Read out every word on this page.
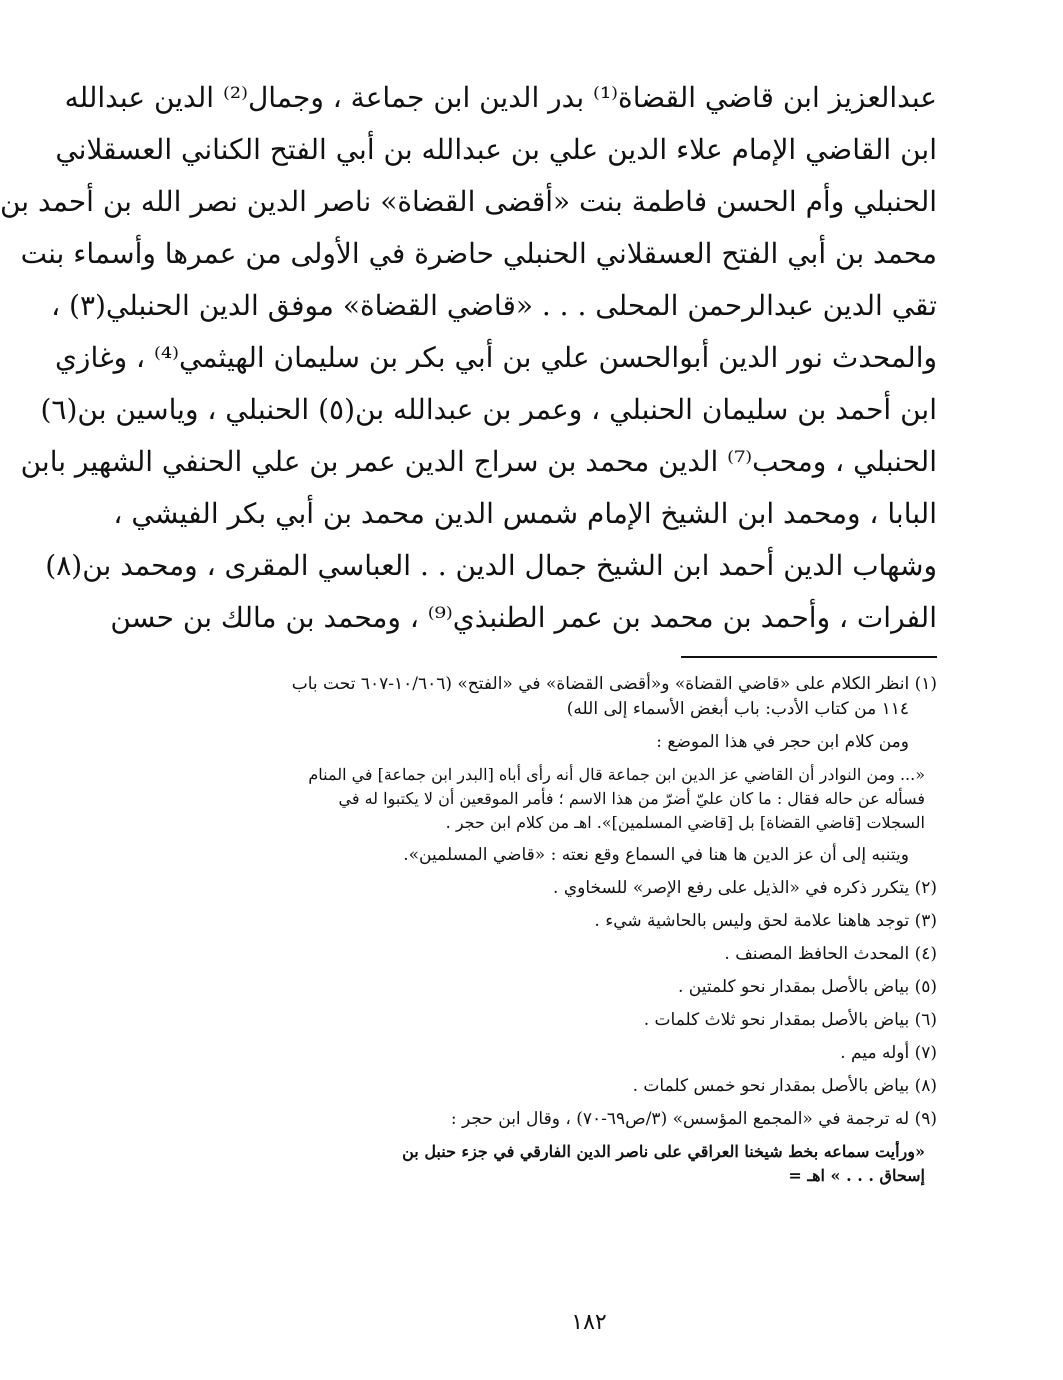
عبدالعزيز ابن قاضي القضاة⁽¹⁾ بدر الدين ابن جماعة ، وجمال⁽²⁾ الدين عبدالله
ابن القاضي الإمام علاء الدين علي بن عبدالله بن أبي الفتح الكناني العسقلاني
الحنبلي وأم الحسن فاطمة بنت «أقضى القضاة» ناصر الدين نصر الله بن أحمد بن
محمد بن أبي الفتح العسقلاني الحنبلي حاضرة في الأولى من عمرها وأسماء بنت
تقي الدين عبدالرحمن المحلى . . . «قاضي القضاة» موفق الدين الحنبلي(٣) ،
والمحدث نور الدين أبوالحسن علي بن أبي بكر بن سليمان الهيثمي⁽⁴⁾ ، وغازي
ابن أحمد بن سليمان الحنبلي ، وعمر بن عبدالله بن(٥) الحنبلي ، وياسين بن(٦)
الحنبلي ، ومحب⁽⁷⁾ الدين محمد بن سراج الدين عمر بن علي الحنفي الشهير بابن
البابا ، ومحمد ابن الشيخ الإمام شمس الدين محمد بن أبي بكر الفيشي ،
وشهاب الدين أحمد ابن الشيخ جمال الدين . . العباسي المقرى ، ومحمد بن(٨)
الفرات ، وأحمد بن محمد بن عمر الطنبذي⁽⁹⁾ ، ومحمد بن مالك بن حسن
(١) انظر الكلام على «قاضي القضاة» و«أقضى القضاة» في «الفتح» (١٠/٦٠٦-٦٠٧ تحت باب
١١٤ من كتاب الأدب: باب أبغض الأسماء إلى الله)
ومن كلام ابن حجر في هذا الموضع :
«... ومن النوادر أن القاضي عز الدين ابن جماعة قال أنه رأى أباه [البدر ابن جماعة] في المنام
فسأله عن حاله فقال : ما كان عليّ أضرّ من هذا الاسم ؛ فأمر الموقعين أن لا يكتبوا له في
السجلات [قاضي القضاة] بل [قاضي المسلمين]». اهـ من كلام ابن حجر .
ويتنبه إلى أن عز الدين ها هنا في السماع وقع نعته : «قاضي المسلمين».
(٢) يتكرر ذكره في «الذيل على رفع الإصر» للسخاوي .
(٣) توجد هاهنا علامة لحق وليس بالحاشية شيء .
(٤) المحدث الحافظ المصنف .
(٥) بياض بالأصل بمقدار نحو كلمتين .
(٦) بياض بالأصل بمقدار نحو ثلاث كلمات .
(٧) أوله ميم .
(٨) بياض بالأصل بمقدار نحو خمس كلمات .
(٩) له ترجمة في «المجمع المؤسس» (٣/ص٦٩-٧٠) ، وقال ابن حجر :
«ورأيت سماعه بخط شيخنا العراقي على ناصر الدين الفارقي في جزء حنبل بن
إسحاق . . . » اهـ =
١٨٢
